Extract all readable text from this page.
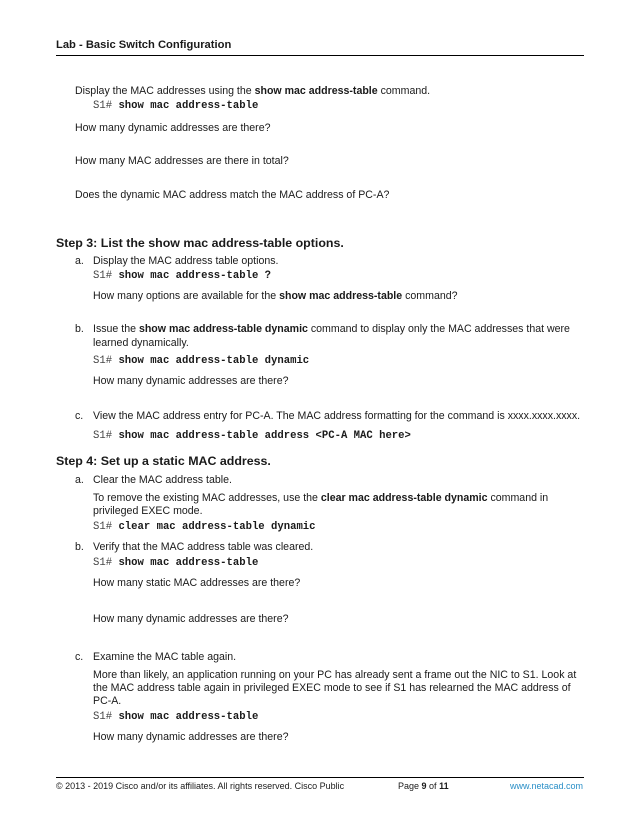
Lab - Basic Switch Configuration
Display the MAC addresses using the show mac address-table command.
S1# show mac address-table
How many dynamic addresses are there?
How many MAC addresses are there in total?
Does the dynamic MAC address match the MAC address of PC-A?
Step 3: List the show mac address-table options.
a. Display the MAC address table options.
S1# show mac address-table ?
How many options are available for the show mac address-table command?
b. Issue the show mac address-table dynamic command to display only the MAC addresses that were
learned dynamically.
S1# show mac address-table dynamic
How many dynamic addresses are there?
c. View the MAC address entry for PC-A. The MAC address formatting for the command is xxxx.xxxx.xxxx.
S1# show mac address-table address <PC-A MAC here>
Step 4: Set up a static MAC address.
a. Clear the MAC address table.
To remove the existing MAC addresses, use the clear mac address-table dynamic command in
privileged EXEC mode.
S1# clear mac address-table dynamic
b. Verify that the MAC address table was cleared.
S1# show mac address-table
How many static MAC addresses are there?
How many dynamic addresses are there?
c. Examine the MAC table again.
More than likely, an application running on your PC has already sent a frame out the NIC to S1. Look at
the MAC address table again in privileged EXEC mode to see if S1 has relearned the MAC address of
PC-A.
S1# show mac address-table
How many dynamic addresses are there?
© 2013 - 2019 Cisco and/or its affiliates. All rights reserved. Cisco Public	Page 9 of 11	www.netacad.com
